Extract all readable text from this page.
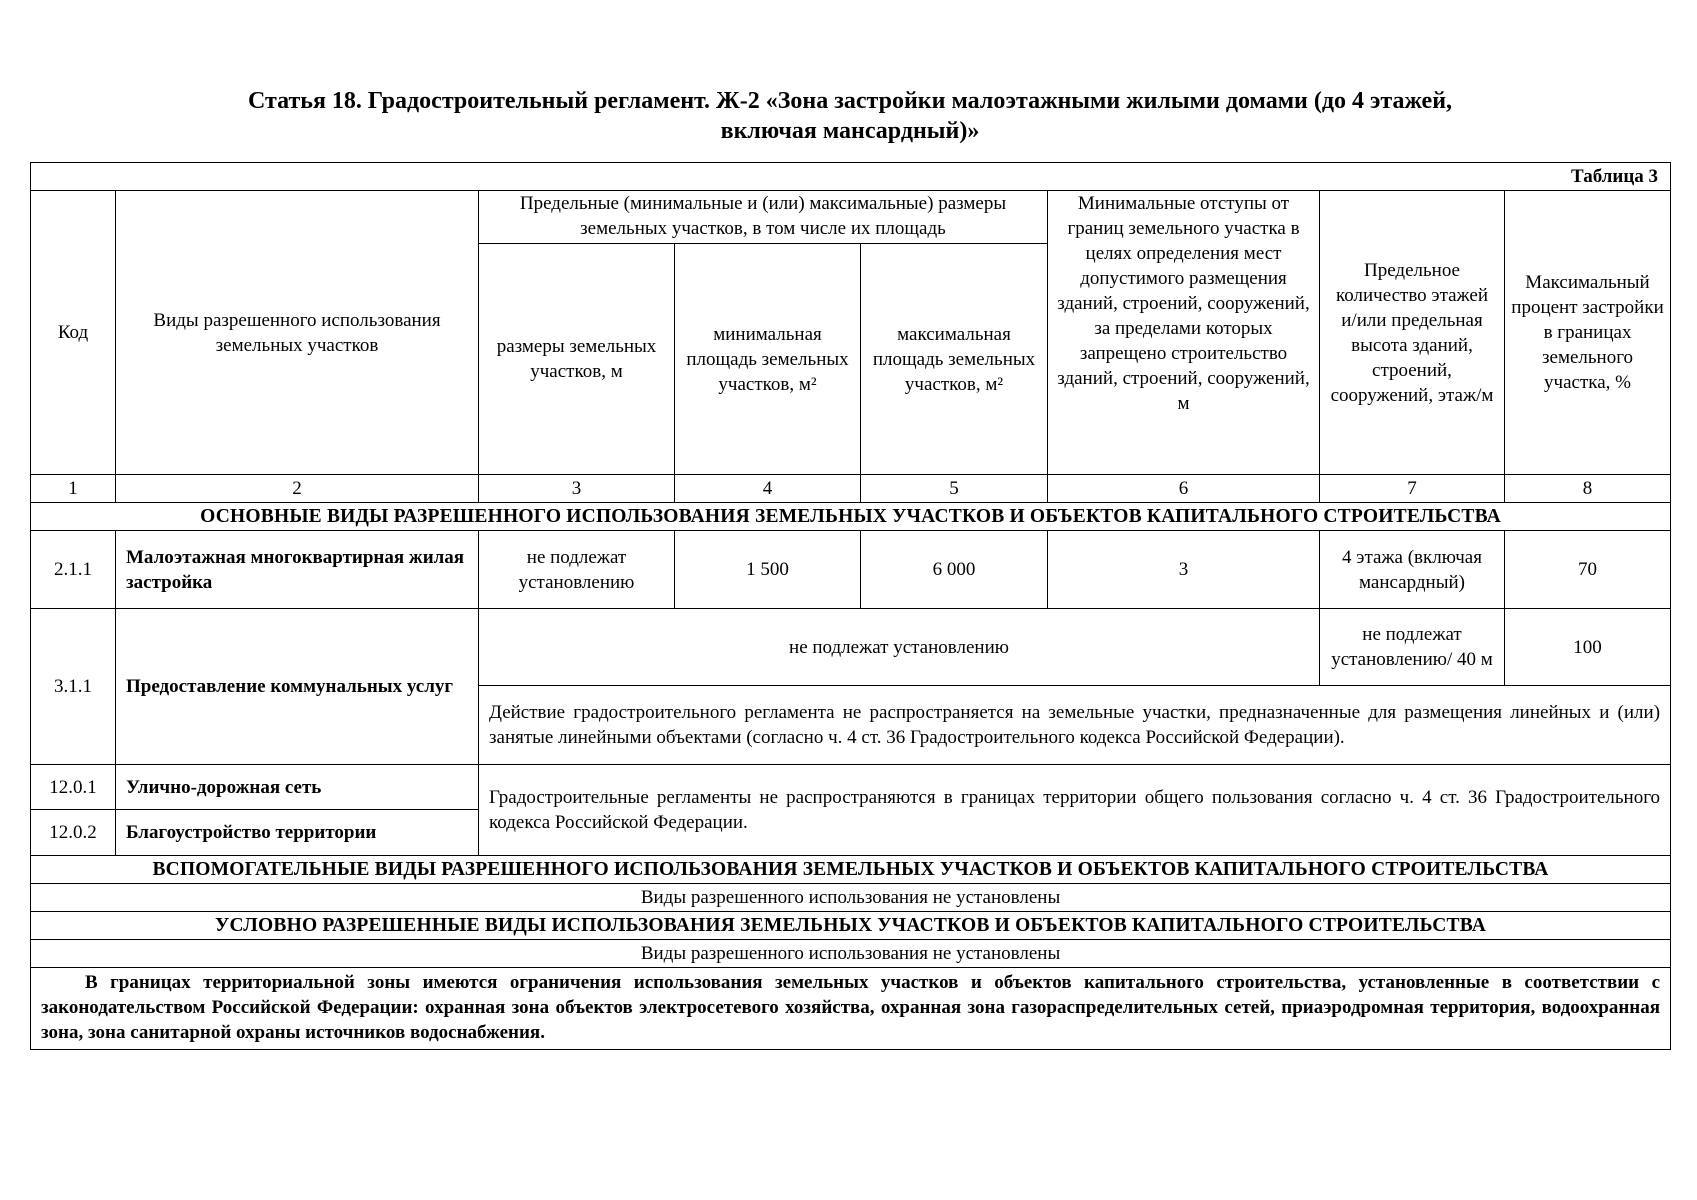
Статья 18. Градостроительный регламент. Ж-2 «Зона застройки малоэтажными жилыми домами (до 4 этажей,
включая мансардный)»
Таблица 3							
Код	Виды разрешенного использования земельных участков	Предельные (минимальные и (или) максимальные) размеры земельных участков, в том числе их площадь			Минимальные отступы от границ земельного участка в целях определения мест допустимого размещения зданий, строений, сооружений, за пределами которых запрещено строительство зданий, строений, сооружений, м	Предельное количество этажей и/или предельная высота зданий, строений, сооружений, этаж/м	Максимальный процент застройки в границах земельного участка, %
		размеры земельных участков, м	минимальная площадь земельных участков, м²	максимальная площадь земельных участков, м²			
1	2	3	4	5	6	7	8
ОСНОВНЫЕ ВИДЫ РАЗРЕШЕННОГО ИСПОЛЬЗОВАНИЯ ЗЕМЕЛЬНЫХ УЧАСТКОВ И ОБЪЕКТОВ КАПИТАЛЬНОГО СТРОИТЕЛЬСТВА							
2.1.1	Малоэтажная многоквартирная жилая застройка	не подлежат установлению	1 500	6 000	3	4 этажа (включая мансардный)	70
3.1.1	Предоставление коммунальных услуг	не подлежат установлению				не подлежат установлению/ 40 м	100
		Действие градостроительного регламента не распространяется на земельные участки, предназначенные для размещения линейных и (или) занятые линейными объектами (согласно ч. 4 ст. 36 Градостроительного кодекса Российской Федерации).					
12.0.1	Улично-дорожная сеть	Градостроительные регламенты не распространяются в границах территории общего пользования согласно ч. 4 ст. 36 Градостроительного кодекса Российской Федерации.					
12.0.2	Благоустройство территории						
ВСПОМОГАТЕЛЬНЫЕ ВИДЫ РАЗРЕШЕННОГО ИСПОЛЬЗОВАНИЯ ЗЕМЕЛЬНЫХ УЧАСТКОВ И ОБЪЕКТОВ КАПИТАЛЬНОГО СТРОИТЕЛЬСТВА							
Виды разрешенного использования не установлены							
УСЛОВНО РАЗРЕШЕННЫЕ ВИДЫ ИСПОЛЬЗОВАНИЯ ЗЕМЕЛЬНЫХ УЧАСТКОВ И ОБЪЕКТОВ КАПИТАЛЬНОГО СТРОИТЕЛЬСТВА							
Виды разрешенного использования не установлены							
В границах территориальной зоны имеются ограничения использования земельных участков и объектов капитального строительства, установленные в соответствии с законодательством Российской Федерации: охранная зона объектов электросетевого хозяйства, охранная зона газораспределительных сетей, приаэродромная территория, водоохранная зона, зона санитарной охраны источников водоснабжения.							
